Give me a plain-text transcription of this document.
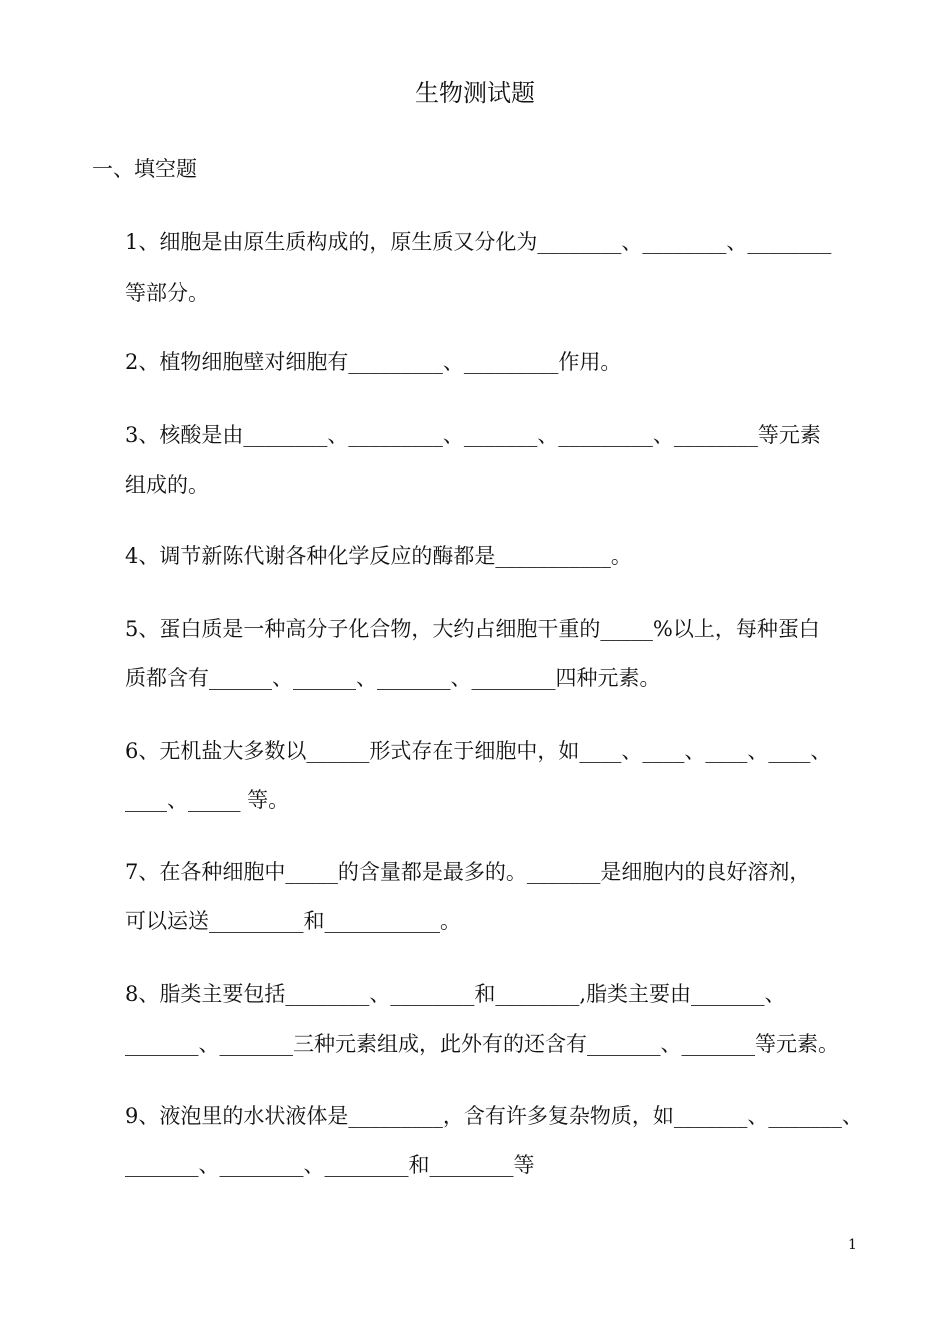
生物测试题
一、填空题
1、细胞是由原生质构成的，原生质又分化为________、________、________
等部分。
2、植物细胞壁对细胞有_________、_________作用。
3、核酸是由________、_________、_______、_________、________等元素
组成的。
4、调节新陈代谢各种化学反应的酶都是___________。
5、蛋白质是一种高分子化合物，大约占细胞干重的_____%以上，每种蛋白
质都含有______、______、_______、________四种元素。
6、无机盐大多数以______形式存在于细胞中，如____、____、____、____、
____、_____ 等。
7、在各种细胞中_____的含量都是最多的。_______是细胞内的良好溶剂，
可以运送_________和___________。
8、脂类主要包括________、________和________,脂类主要由_______、
_______、_______三种元素组成，此外有的还含有_______、_______等元素。
9、液泡里的水状液体是_________，含有许多复杂物质，如_______、_______、
_______、________、________和________等
1
